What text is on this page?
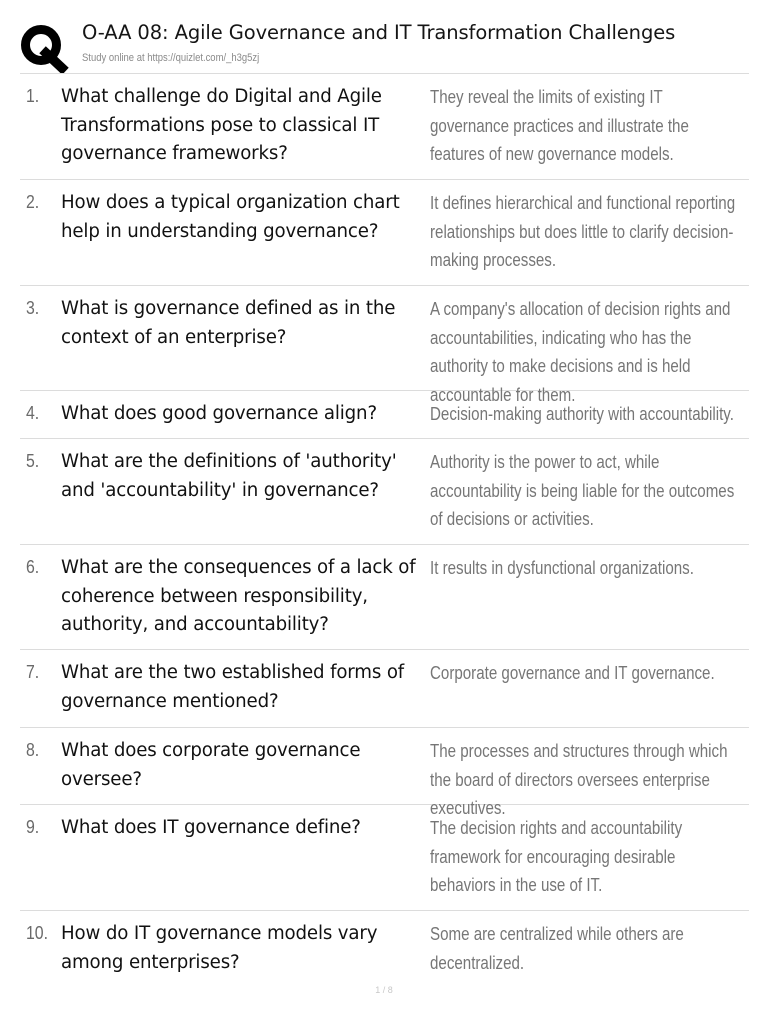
O-AA 08: Agile Governance and IT Transformation Challenges
Study online at https://quizlet.com/_h3g5zj
1. What challenge do Digital and Agile Transformations pose to classical IT governance frameworks?
They reveal the limits of existing IT governance practices and illustrate the features of new governance models.
2. How does a typical organization chart help in understanding governance?
It defines hierarchical and functional reporting relationships but does little to clarify decision-making processes.
3. What is governance defined as in the context of an enterprise?
A company's allocation of decision rights and accountabilities, indicating who has the authority to make decisions and is held accountable for them.
4. What does good governance align?	Decision-making authority with accountability.
5. What are the definitions of 'authority' and 'accountability' in governance?
Authority is the power to act, while accountability is being liable for the outcomes of decisions or activities.
6. What are the consequences of a lack of coherence between responsibility, authority, and accountability?
It results in dysfunctional organizations.
7. What are the two established forms of governance mentioned?
Corporate governance and IT governance.
8. What does corporate governance oversee?
The processes and structures through which the board of directors oversees enterprise executives.
9. What does IT governance define?	The decision rights and accountability framework for encouraging desirable behaviors in the use of IT.
10. How do IT governance models vary among enterprises?
Some are centralized while others are decentralized.
1 / 8
